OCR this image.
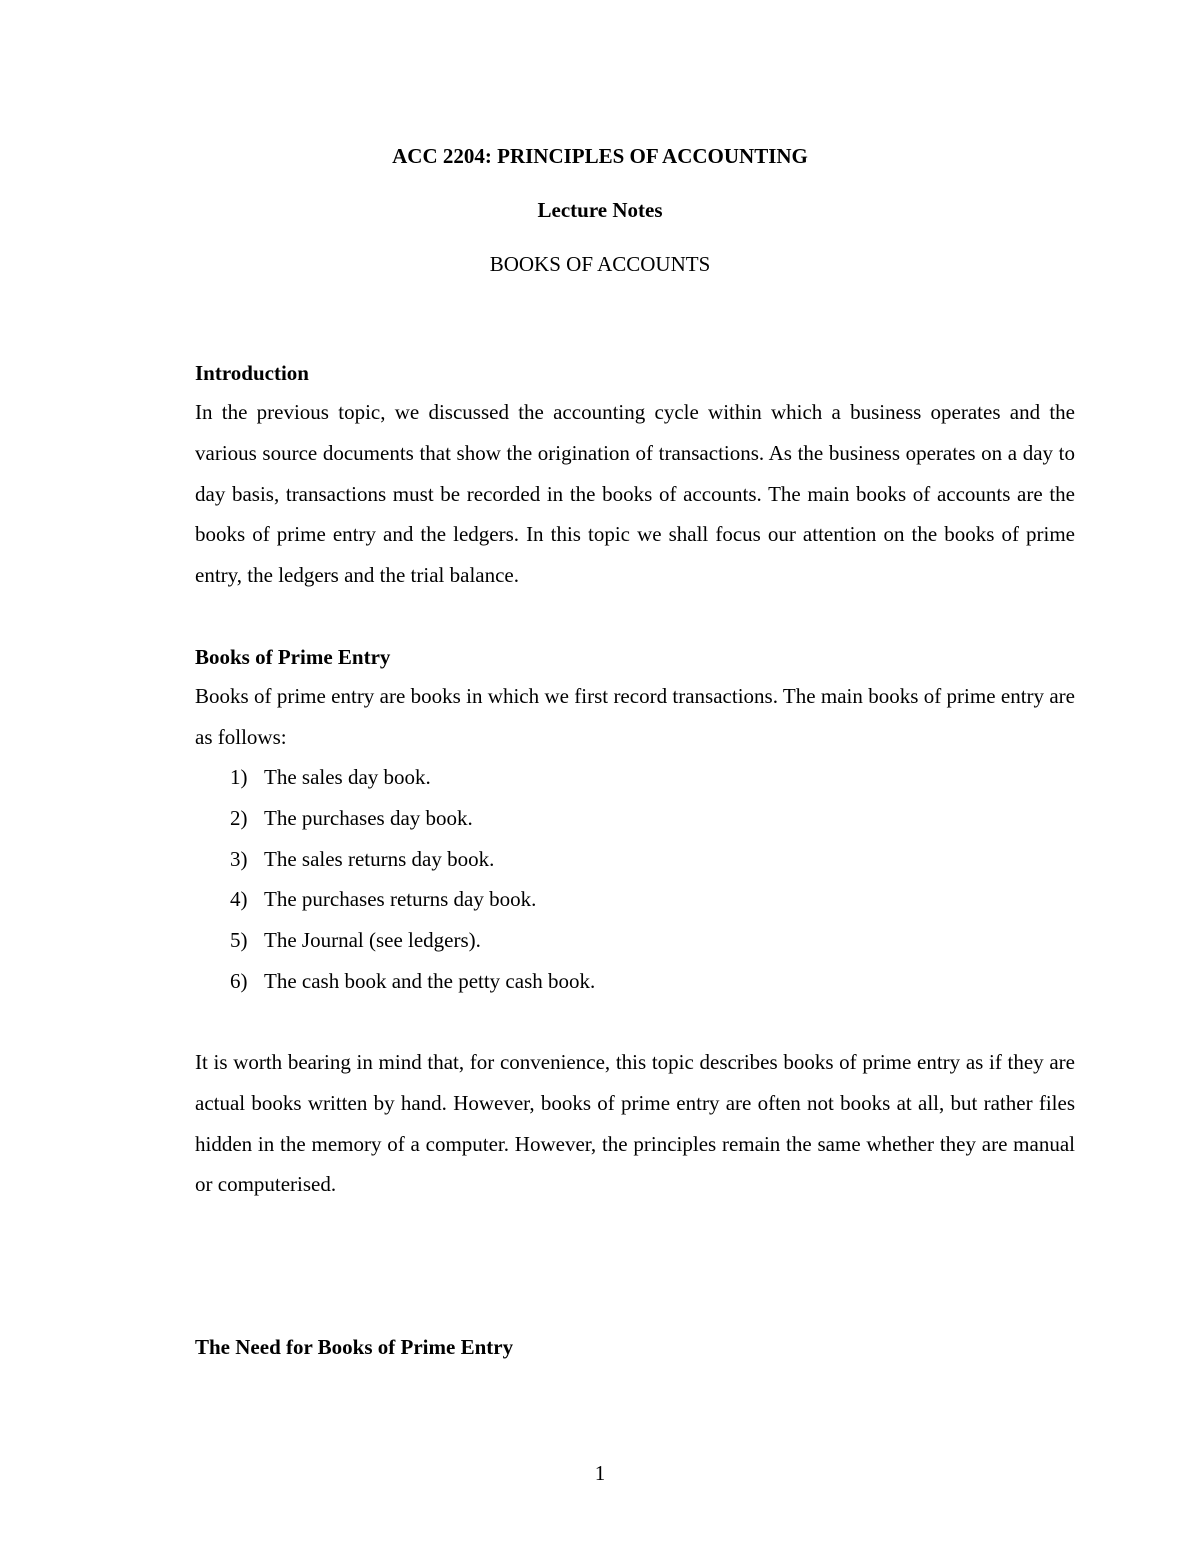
ACC 2204: PRINCIPLES OF ACCOUNTING

Lecture Notes

BOOKS OF ACCOUNTS

Introduction

In the previous topic, we discussed the accounting cycle within which a business operates and the various source documents that show the origination of transactions. As the business operates on a day to day basis, transactions must be recorded in the books of accounts. The main books of accounts are the books of prime entry and the ledgers. In this topic we shall focus our attention on the books of prime entry, the ledgers and the trial balance.

Books of Prime Entry

Books of prime entry are books in which we first record transactions. The main books of prime entry are as follows:

1) The sales day book.
2) The purchases day book.
3) The sales returns day book.
4) The purchases returns day book.
5) The Journal (see ledgers).
6) The cash book and the petty cash book.

It is worth bearing in mind that, for convenience, this topic describes books of prime entry as if they are actual books written by hand. However, books of prime entry are often not books at all, but rather files hidden in the memory of a computer. However, the principles remain the same whether they are manual or computerised.

The Need for Books of Prime Entry

1
